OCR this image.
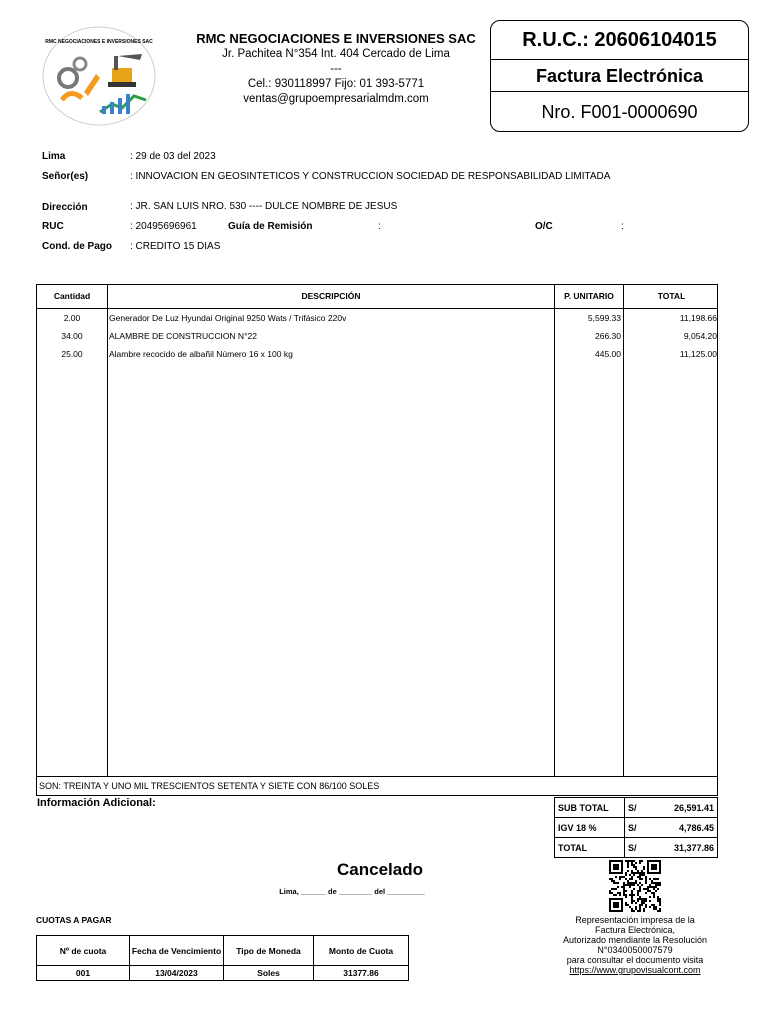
RMC NEGOCIACIONES E INVERSIONES SAC	RMC NEGOCIACIONES E INVERSIONES SAC
Jr. Pachitea N°354 Int. 404 Cercado de Lima
---
Cel.: 930118997 Fijo: 01 393-5771
ventas@grupoempresarialmdm.com
R.U.C.: 20606104015
Factura Electrónica
Nro. F001-0000690
Lima	: 29 de 03 del 2023
Señor(es)	: INNOVACION EN GEOSINTETICOS Y CONSTRUCCION SOCIEDAD DE RESPONSABILIDAD LIMITADA
Dirección	: JR. SAN LUIS NRO. 530 ---- DULCE NOMBRE DE JESUS
RUC	: 20495696961	Guía de Remisión	:	O/C	:
Cond. de Pago : CREDITO 15 DIAS
Cantidad	DESCRIPCIÓN	P. UNITARIO	TOTAL
2.00	Generador De Luz Hyundai Original 9250 Wats / Trifásico 220v	5,599.33	11,198.66
34.00	ALAMBRE DE CONSTRUCCION N°22	266.30	9,054.20
25.00	Alambre recocido de albañil Número 16 x 100 kg	445.00	11,125.00
SON: TREINTA Y UNO MIL TRESCIENTOS SETENTA Y SIETE CON 86/100 SOLES
Información Adicional:	SUB TOTAL	S/	26,591.41
IGV 18 %	S/	4,786.45
TOTAL	S/	31,377.86
Cancelado
Lima, ______ de ________ del _________
Representación impresa de la
Factura Electrónica,
Autorizado mendiante la Resolución
N°0340050007579
para consultar el documento visita
https://www.grupovisualcont.com
CUOTAS A PAGAR
Nº de cuota	Fecha de Vencimiento	Tipo de Moneda	Monto de Cuota
001	13/04/2023	Soles	31377.86
